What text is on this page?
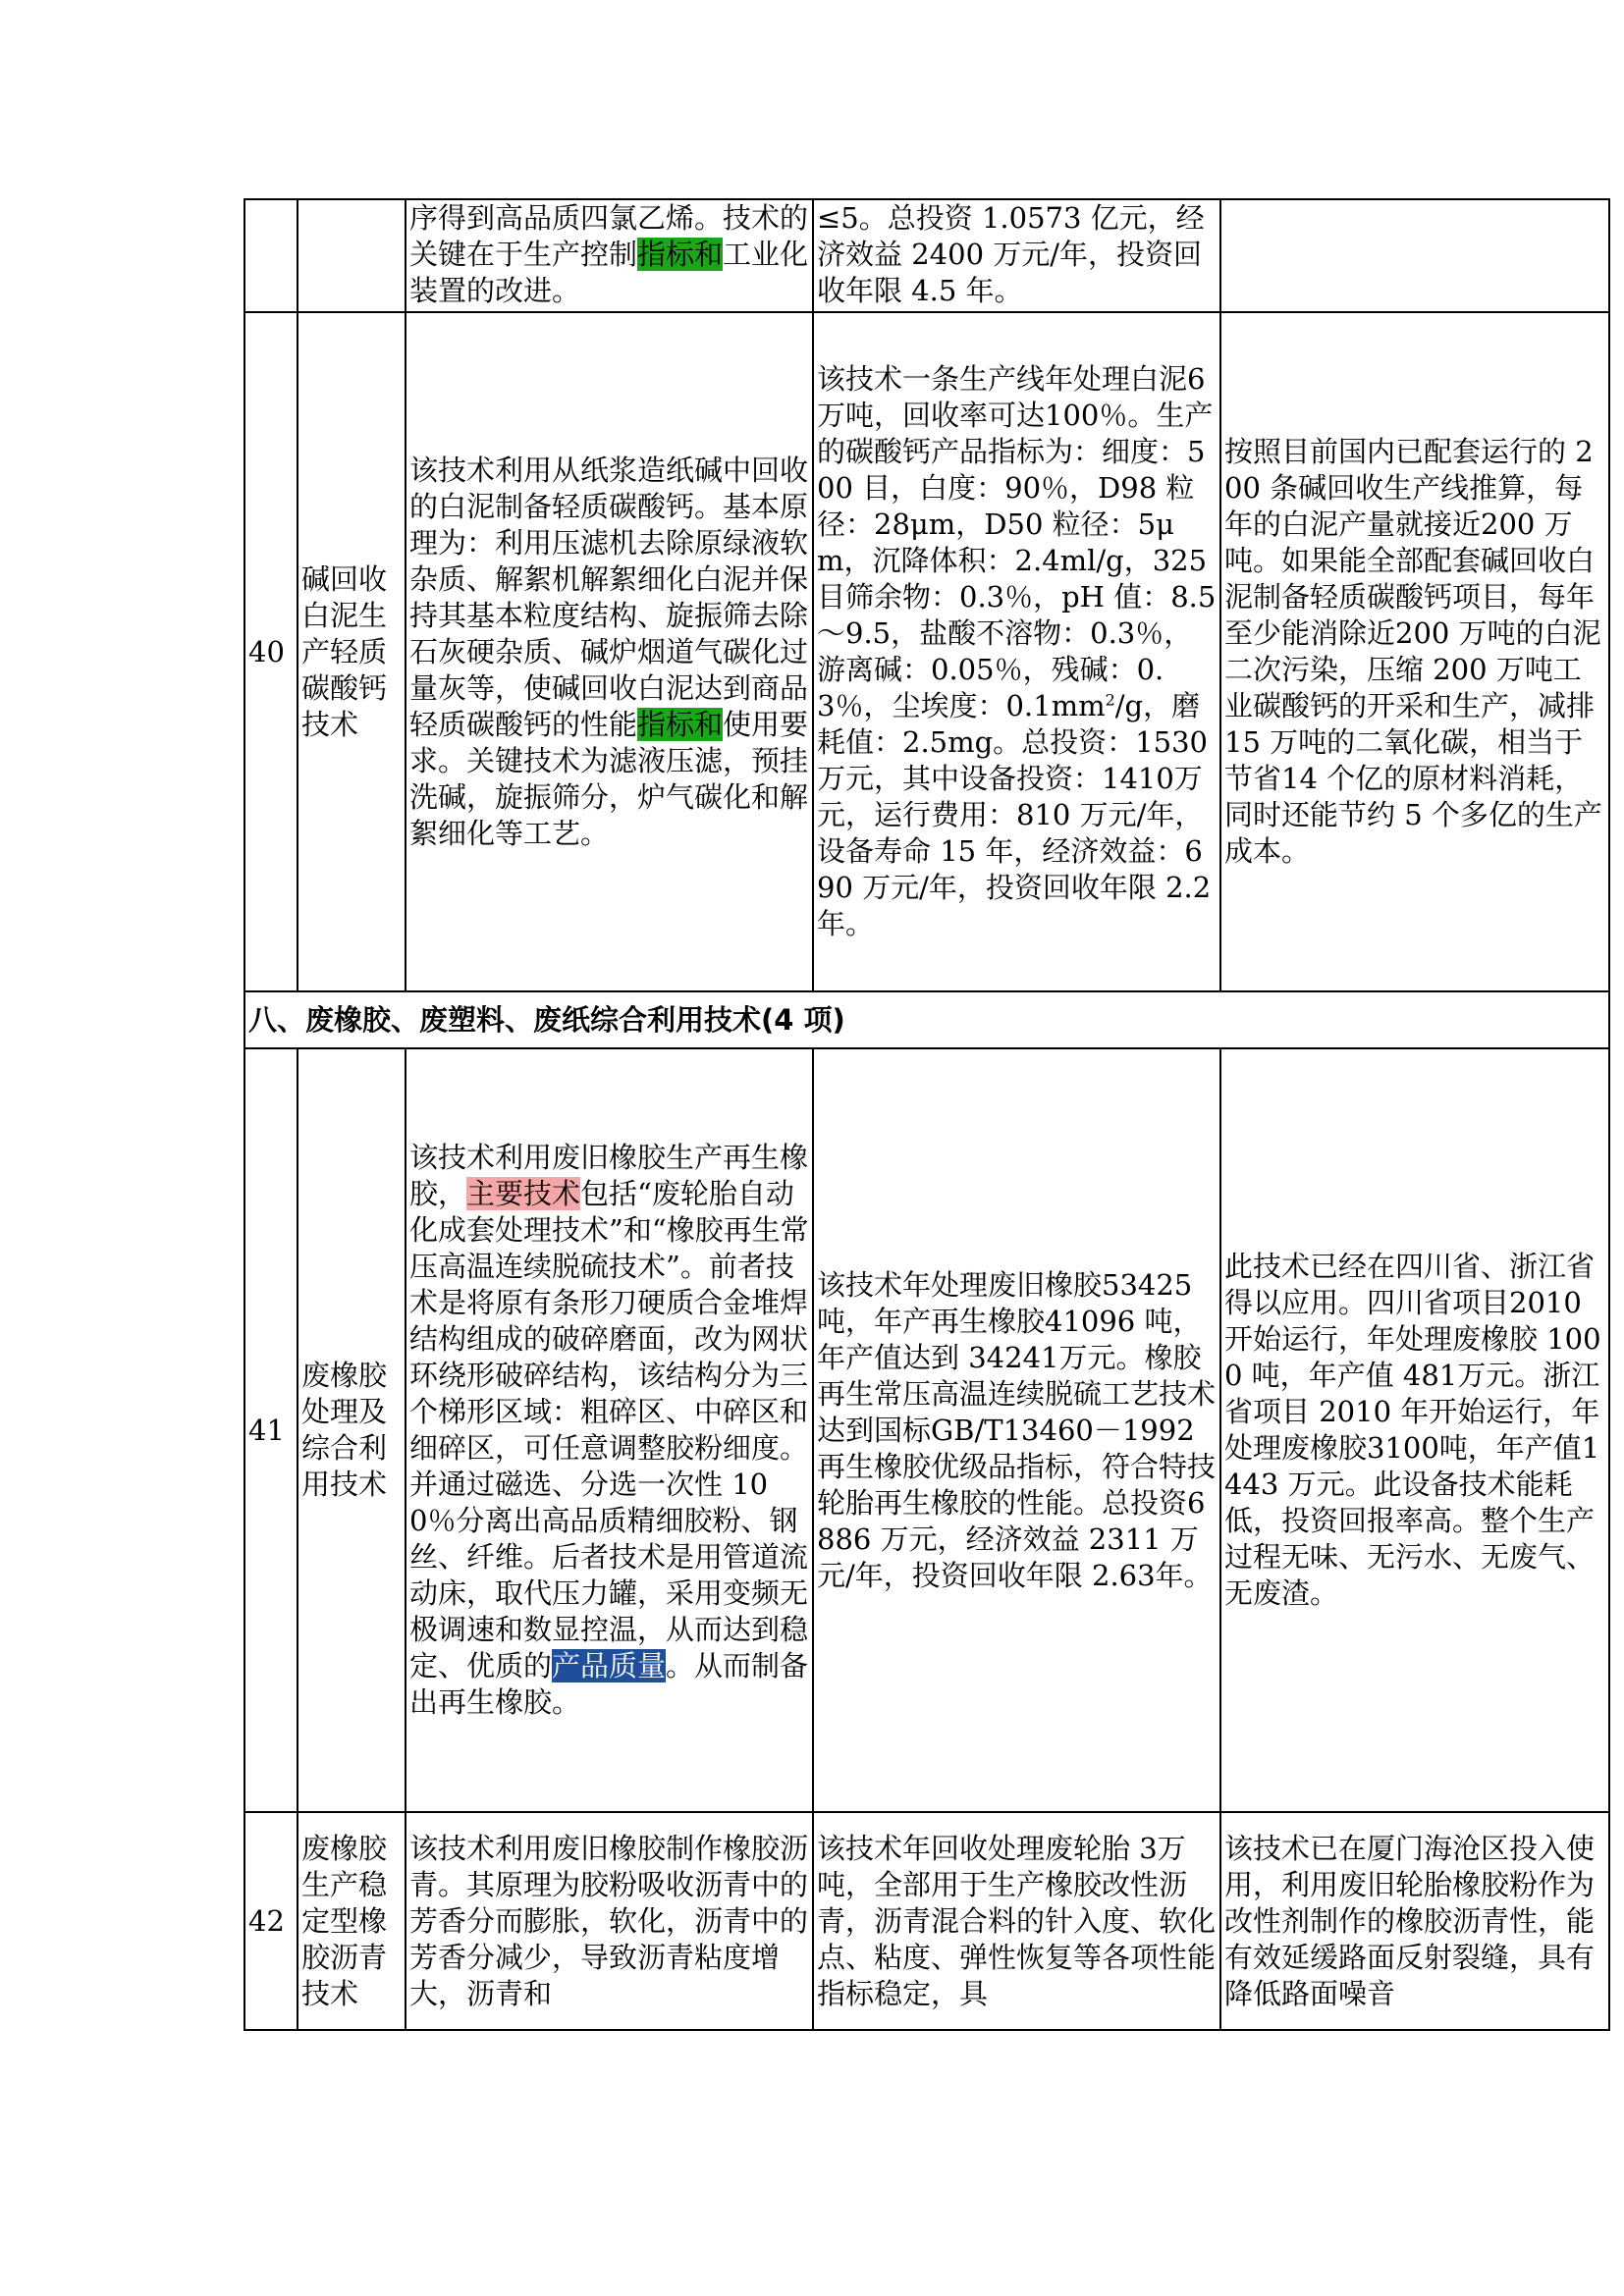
		序得到高品质四氯乙烯。技术的关键在于生产控制指标和工业化装置的改进。	≤5。总投资 1.0573 亿元，经济效益 2400 万元/年，投资回收年限 4.5 年。	
40	碱回收白泥生产轻质碳酸钙技术	该技术利用从纸浆造纸碱中回收的白泥制备轻质碳酸钙。基本原理为：利用压滤机去除原绿液软杂质、解絮机解絮细化白泥并保持其基本粒度结构、旋振筛去除石灰硬杂质、碱炉烟道气碳化过量灰等，使碱回收白泥达到商品轻质碳酸钙的性能指标和使用要求。关键技术为滤液压滤，预挂洗碱，旋振筛分，炉气碳化和解絮细化等工艺。	该技术一条生产线年处理白泥6万吨，回收率可达100％。生产的碳酸钙产品指标为：细度：500 目，白度：90％，D98 粒径：28μm，D50 粒径：5μm，沉降体积：2.4ml/g，325 目筛余物：0.3％，pH 值：8.5～9.5，盐酸不溶物：0.3％，游离碱：0.05％，残碱：0.3％，尘埃度：$0.1mm^2/g$，磨耗值：2.5mg。总投资：1530万元，其中设备投资：1410万元，运行费用：810 万元/年，设备寿命 15 年，经济效益：690 万元/年，投资回收年限 2.2 年。	按照目前国内已配套运行的 200 条碱回收生产线推算，每年的白泥产量就接近200 万吨。如果能全部配套碱回收白泥制备轻质碳酸钙项目，每年至少能消除近200 万吨的白泥二次污染，压缩 200 万吨工业碳酸钙的开采和生产，减排 15 万吨的二氧化碳，相当于节省14 个亿的原材料消耗，同时还能节约 5 个多亿的生产成本。
八、废橡胶、废塑料、废纸综合利用技术(4 项)				
41	废橡胶处理及综合利用技术	该技术利用废旧橡胶生产再生橡胶，主要技术包括“废轮胎自动化成套处理技术”和“橡胶再生常压高温连续脱硫技术”。前者技术是将原有条形刀硬质合金堆焊结构组成的破碎磨面，改为网状环绕形破碎结构，该结构分为三个梯形区域：粗碎区、中碎区和细碎区，可任意调整胶粉细度。并通过磁选、分选一次性 100％分离出高品质精细胶粉、钢丝、纤维。后者技术是用管道流动床，取代压力罐，采用变频无极调速和数显控温，从而达到稳定、优质的产品质量。从而制备出再生橡胶。	该技术年处理废旧橡胶53425 吨，年产再生橡胶41096 吨，年产值达到 34241万元。橡胶再生常压高温连续脱硫工艺技术达到国标GB/T13460－1992 再生橡胶优级品指标，符合特技轮胎再生橡胶的性能。总投资6886 万元，经济效益 2311 万元/年，投资回收年限 2.63年。	此技术已经在四川省、浙江省得以应用。四川省项目2010 开始运行，年处理废橡胶 1000 吨，年产值 481万元。浙江省项目 2010 年开始运行，年处理废橡胶3100吨，年产值1443 万元。此设备技术能耗低，投资回报率高。整个生产过程无味、无污水、无废气、无废渣。
42	废橡胶生产稳定型橡胶沥青技术	该技术利用废旧橡胶制作橡胶沥青。其原理为胶粉吸收沥青中的芳香分而膨胀，软化，沥青中的芳香分减少，导致沥青粘度增大，沥青和	该技术年回收处理废轮胎 3万吨，全部用于生产橡胶改性沥青，沥青混合料的针入度、软化点、粘度、弹性恢复等各项性能指标稳定，具	该技术已在厦门海沧区投入使用，利用废旧轮胎橡胶粉作为改性剂制作的橡胶沥青性，能有效延缓路面反射裂缝，具有降低路面噪音
